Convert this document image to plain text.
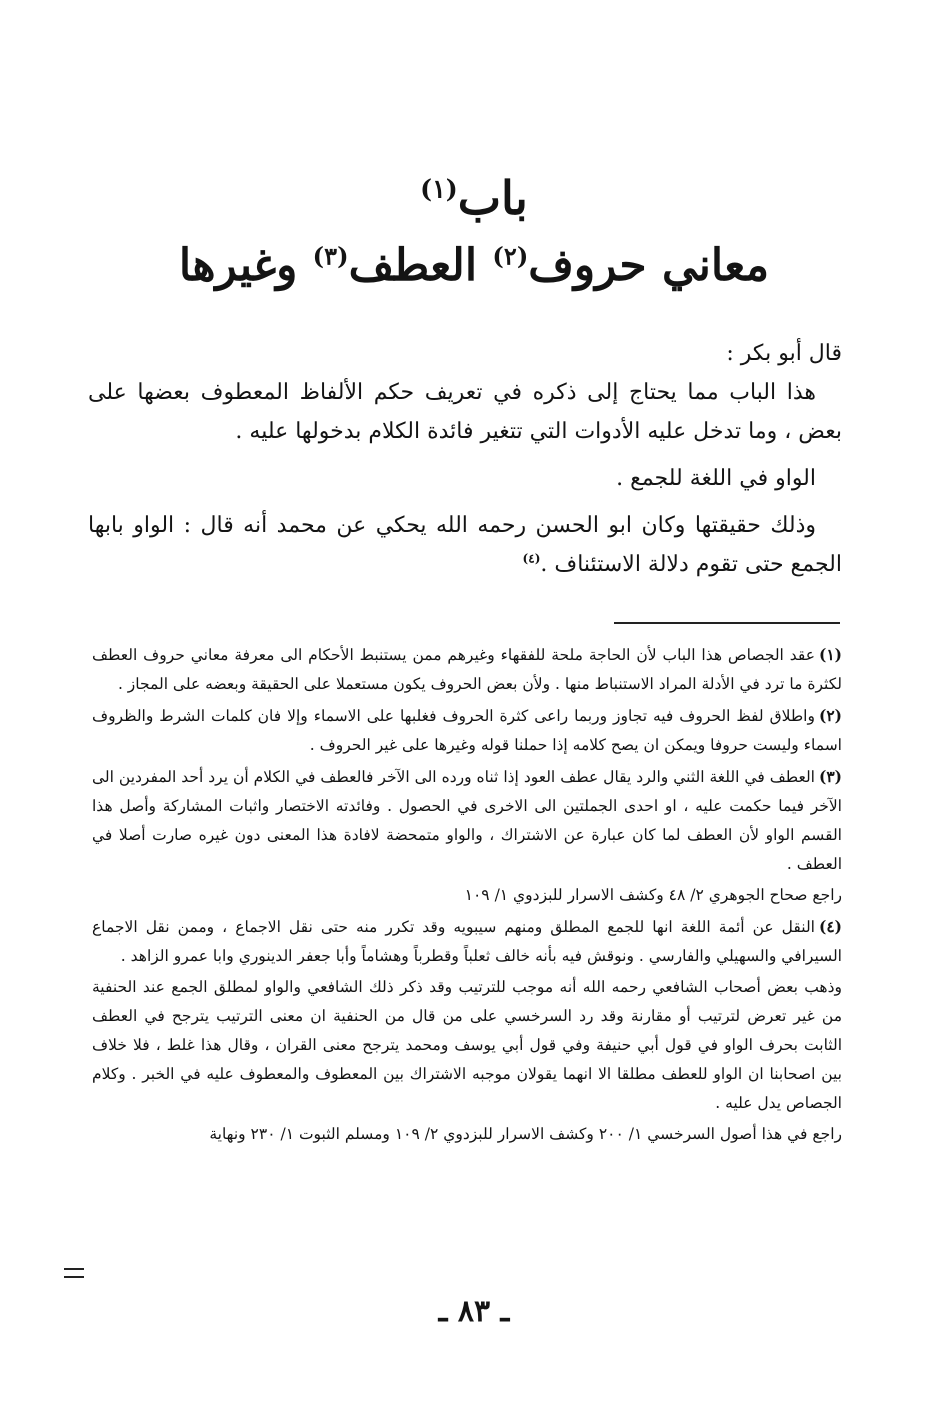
باب$^{(١)}$
معاني حروف$^{(٢)}$ العطف$^{(٣)}$ وغيرها

قال أبو بكر :

هذا الباب مما يحتاج إلى ذكره في تعريف حكم الألفاظ المعطوف بعضها على بعض ، وما تدخل عليه الأدوات التي تتغير فائدة الكلام بدخولها عليه .

الواو في اللغة للجمع .

وذلك حقيقتها وكان ابو الحسن رحمه الله يحكي عن محمد أنه قال : الواو بابها الجمع حتى تقوم دلالة الاستئناف .$^{(٤)}$

(١)عقد الجصاص هذا الباب لأن الحاجة ملحة للفقهاء وغيرهم ممن يستنبط الأحكام الى معرفة معاني حروف العطف لكثرة ما ترد في الأدلة المراد الاستنباط منها . ولأن بعض الحروف يكون مستعملا على الحقيقة وبعضه على المجاز .

(٢)واطلاق لفظ الحروف فيه تجاوز وربما راعى كثرة الحروف فغلبها على الاسماء وإلا فان كلمات الشرط والظروف اسماء وليست حروفا ويمكن ان يصح كلامه إذا حملنا قوله وغيرها على غير الحروف .

(٣)العطف في اللغة الثني والرد يقال عطف العود إذا ثناه ورده الى الآخر فالعطف في الكلام أن يرد أحد المفردين الى الآخر فيما حكمت عليه ، او احدى الجملتين الى الاخرى في الحصول . وفائدته الاختصار واثبات المشاركة وأصل هذا القسم الواو لأن العطف لما كان عبارة عن الاشتراك ، والواو متمحضة لافادة هذا المعنى دون غيره صارت أصلا في العطف .

راجع صحاح الجوهري ٢/ ٤٨ وكشف الاسرار للبزدوي ١/ ١٠٩

(٤)النقل عن أئمة اللغة انها للجمع المطلق ومنهم سيبويه وقد تكرر منه حتى نقل الاجماع ، وممن نقل الاجماع السيرافي والسهيلي والفارسي . ونوقش فيه بأنه خالف ثعلباً وقطرباً وهشاماً وأبا جعفر الدينوري وابا عمرو الزاهد .

وذهب بعض أصحاب الشافعي رحمه الله أنه موجب للترتيب وقد ذكر ذلك الشافعي والواو لمطلق الجمع عند الحنفية من غير تعرض لترتيب أو مقارنة وقد رد السرخسي على من قال من الحنفية ان معنى الترتيب يترجح في العطف الثابت بحرف الواو في قول أبي حنيفة وفي قول أبي يوسف ومحمد يترجح معنى القران ، وقال هذا غلط ، فلا خلاف بين اصحابنا ان الواو للعطف مطلقا الا انهما يقولان موجبه الاشتراك بين المعطوف والمعطوف عليه في الخبر . وكلام الجصاص يدل عليه .

راجع في هذا أصول السرخسي ١/ ٢٠٠ وكشف الاسرار للبزدوي ٢/ ١٠٩ ومسلم الثبوت ١/ ٢٣٠ ونهاية

ـ ٨٣ ـ
